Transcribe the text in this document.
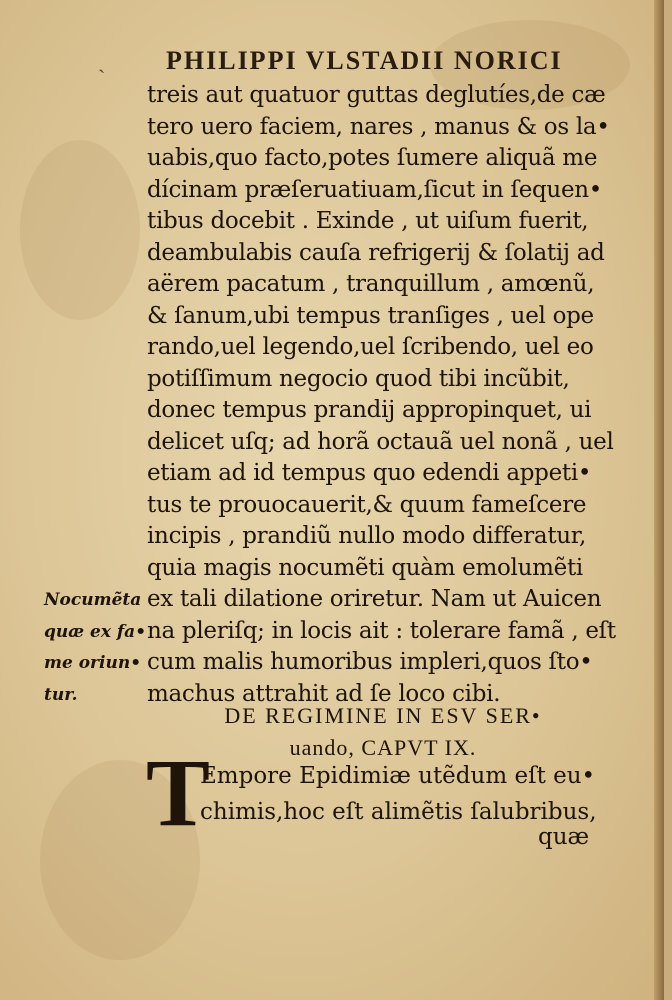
ˎ PHILIPPI VLSTADII NORICI
treis aut quatuor guttas deglutíes,de cæ
tero uero faciem, nares , manus & os la•
uabis,quo facto,potes ſumere aliquã me
dícinam præſeruatiuam,ſicut in ſequen•
tibus docebit . Exinde , ut uiſum fuerit,
deambulabis cauſa refrigerij & ſolatij ad
aërem pacatum , tranquillum , amœnũ,
& ſanum,ubi tempus tranſiges , uel ope
rando,uel legendo,uel ſcribendo, uel eo
potiſſimum negocio quod tibi incũbit,
donec tempus prandij appropinquet, ui
delicet uſq; ad horã octauã uel nonã , uel
etiam ad id tempus quo edendi appeti•
tus te prouocauerit,& quum fameſcere
incipis , prandiũ nullo modo differatur,
quia magis nocumẽti quàm emolumẽti
ex tali dilatione oriretur. Nam ut Auicen
na pleriſq; in locis ait : tolerare famã , eſt
cum malis humoribus impleri,quos ſto•
machus attrahit ad ſe loco cibi.
Nocumẽta
quæ ex fa•
me oriun•
tur.
DE REGIMINE IN ESV SER•
uando, CAPVT IX.
T
Empore Epidimiæ utẽdum eſt eu•
chimis,hoc eſt alimẽtis ſalubribus,
quæ
